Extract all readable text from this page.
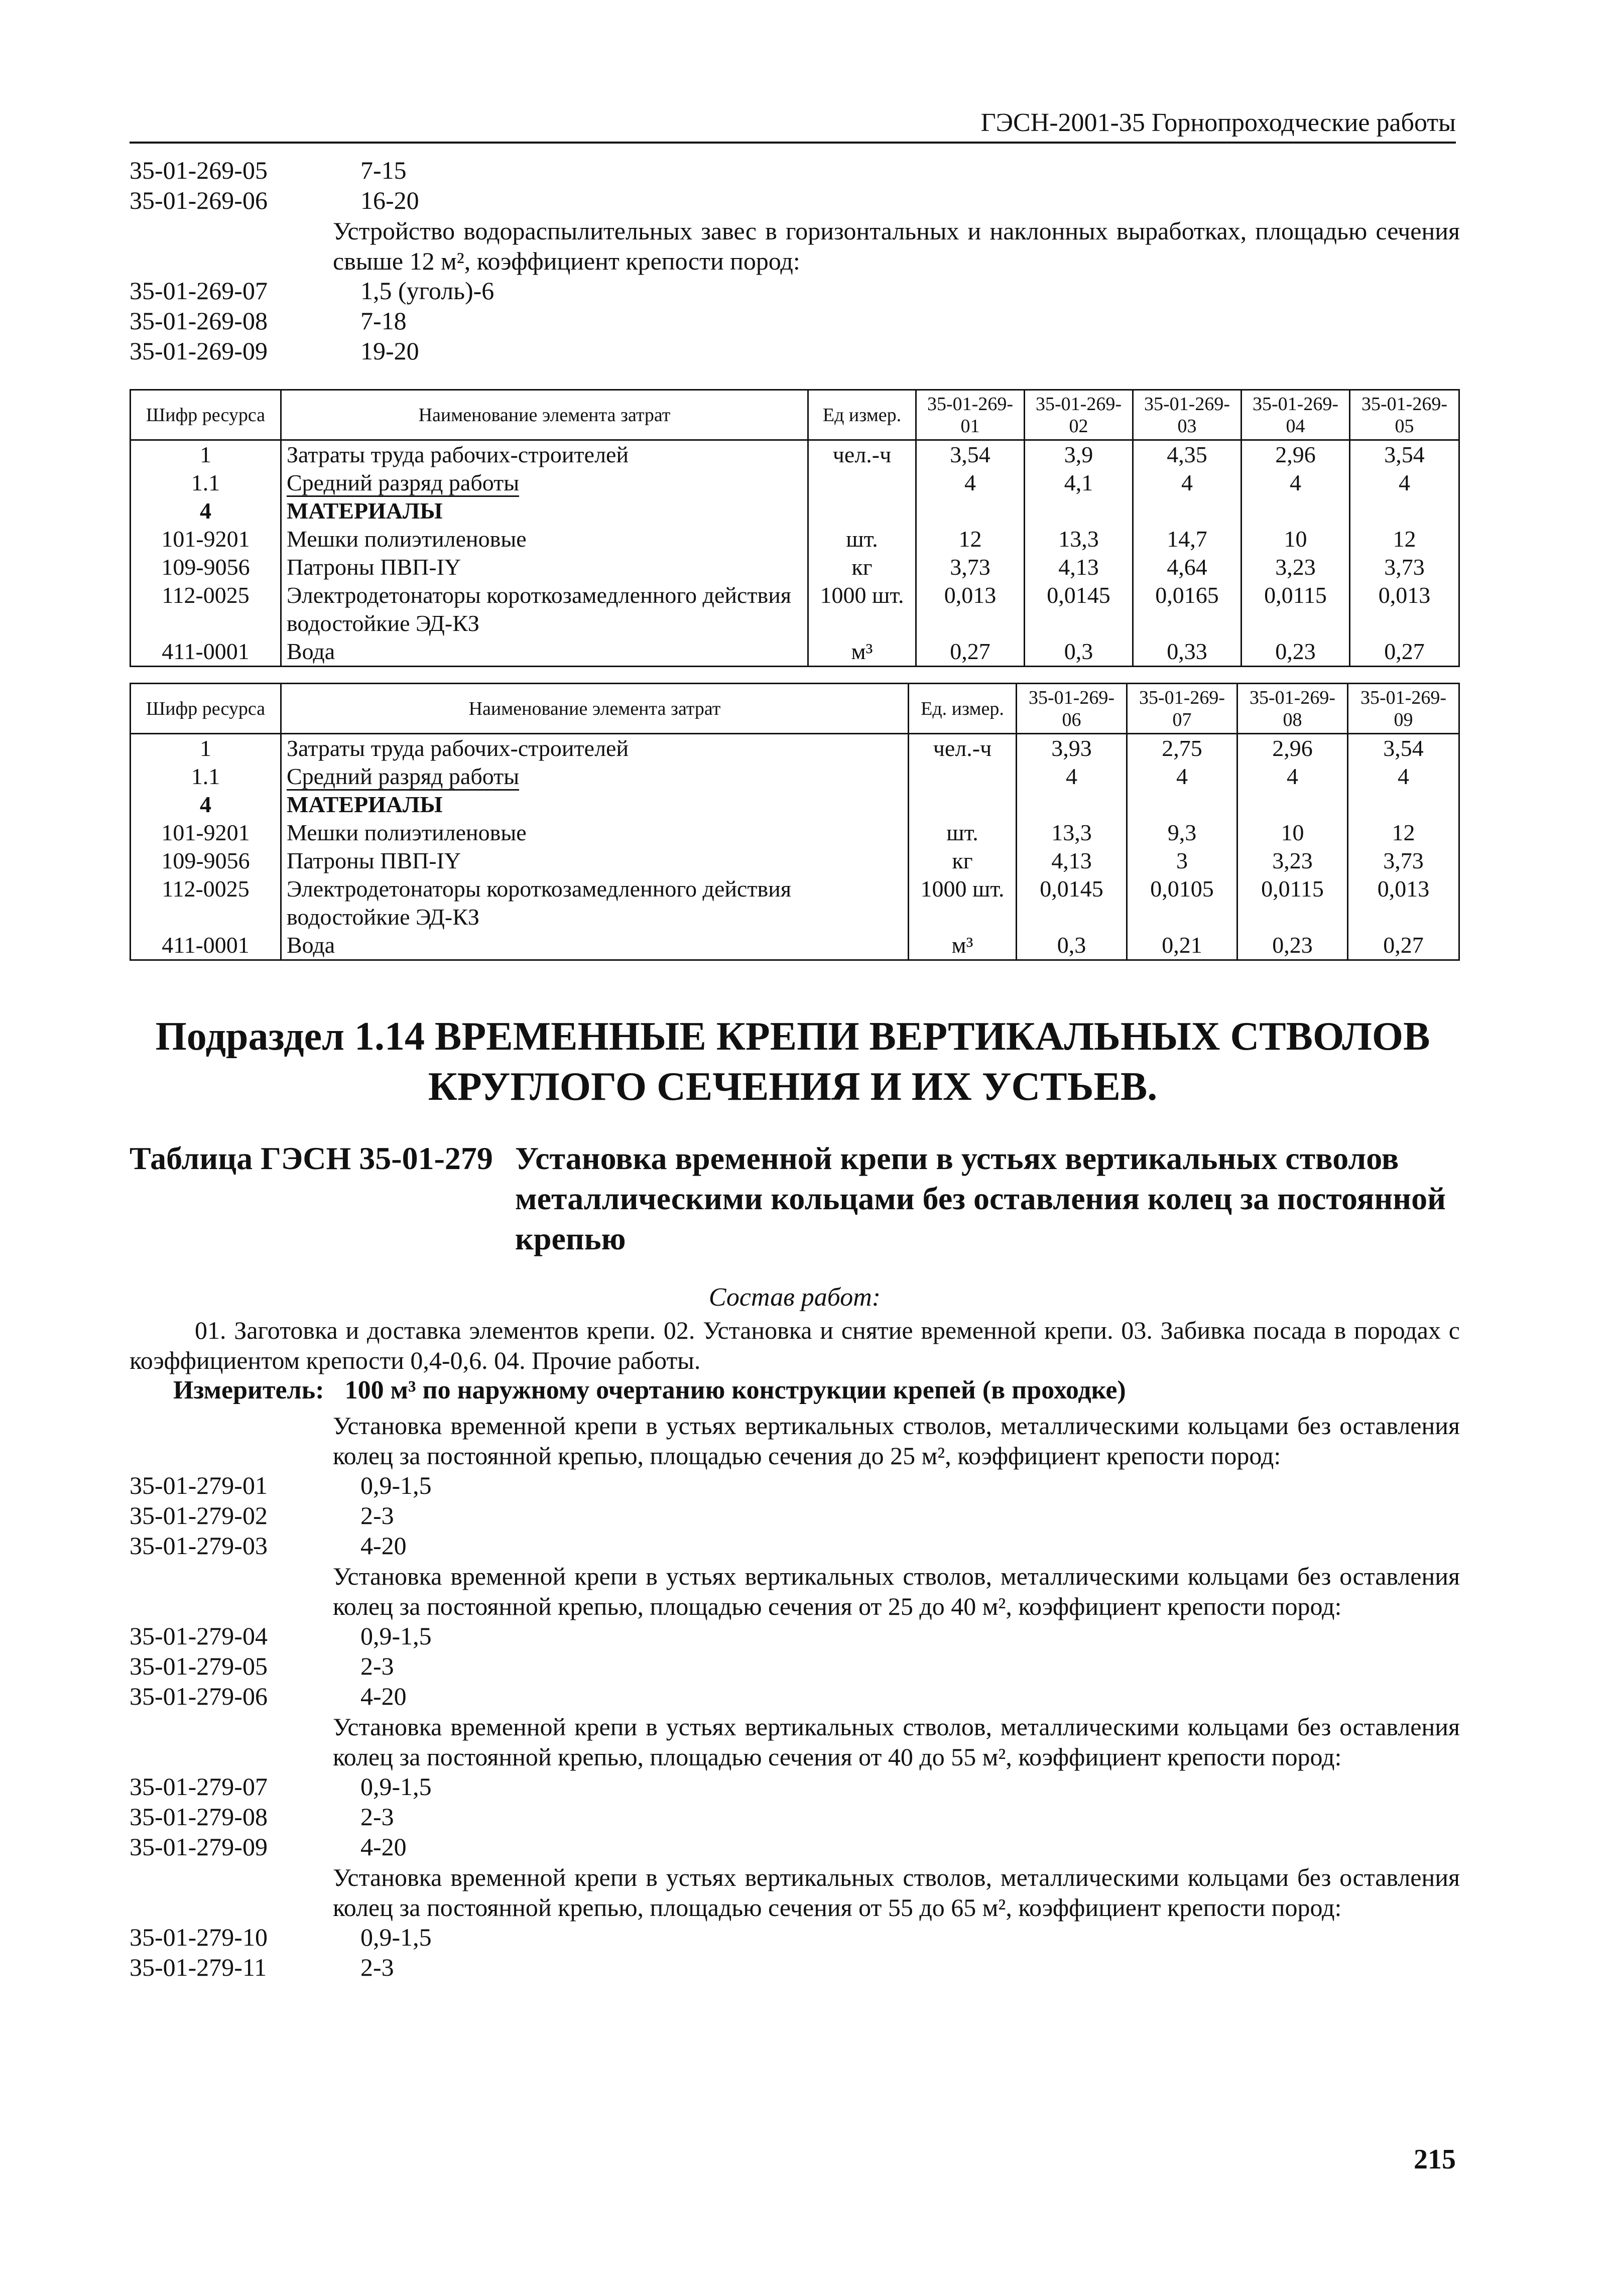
ГЭСН-2001-35 Горнопроходческие работы
35-01-269-05	7-15
35-01-269-06	16-20
Устройство водораспылительных завес в горизонтальных и наклонных выработках, площадью сечения свыше 12 м², коэффициент крепости пород:
35-01-269-07	1,5 (уголь)-6
35-01-269-08	7-18
35-01-269-09	19-20
Шифр ресурса	Наименование элемента затрат	Ед измер.	35-01-269-01	35-01-269-02	35-01-269-03	35-01-269-04	35-01-269-05
1	Затраты труда рабочих-строителей	чел.-ч	3,54	3,9	4,35	2,96	3,54
1.1	Средний разряд работы		4	4,1	4	4	4
4	МАТЕРИАЛЫ						
101-9201	Мешки полиэтиленовые	шт.	12	13,3	14,7	10	12
109-9056	Патроны ПВП-IY	кг	3,73	4,13	4,64	3,23	3,73
112-0025	Электродетонаторы короткозамедленного действия водостойкие ЭД-КЗ	1000 шт.	0,013	0,0145	0,0165	0,0115	0,013
411-0001	Вода	м³	0,27	0,3	0,33	0,23	0,27
Шифр ресурса	Наименование элемента затрат	Ед. измер.	35-01-269-06	35-01-269-07	35-01-269-08	35-01-269-09
1	Затраты труда рабочих-строителей	чел.-ч	3,93	2,75	2,96	3,54
1.1	Средний разряд работы		4	4	4	4
4	МАТЕРИАЛЫ					
101-9201	Мешки полиэтиленовые	шт.	13,3	9,3	10	12
109-9056	Патроны ПВП-IY	кг	4,13	3	3,23	3,73
112-0025	Электродетонаторы короткозамедленного действия водостойкие ЭД-КЗ	1000 шт.	0,0145	0,0105	0,0115	0,013
411-0001	Вода	м³	0,3	0,21	0,23	0,27
Подраздел 1.14 ВРЕМЕННЫЕ КРЕПИ ВЕРТИКАЛЬНЫХ СТВОЛОВ
КРУГЛОГО СЕЧЕНИЯ И ИХ УСТЬЕВ.
Таблица ГЭСН 35-01-279 Установка временной крепи в устьях вертикальных стволов металлическими кольцами без оставления колец за постоянной крепью
Состав работ:
01. Заготовка и доставка элементов крепи. 02. Установка и снятие временной крепи. 03. Забивка посада в породах с коэффициентом крепости 0,4-0,6. 04. Прочие работы.
Измеритель: 100 м³ по наружному очертанию конструкции крепей (в проходке)
Установка временной крепи в устьях вертикальных стволов, металлическими кольцами без оставления колец за постоянной крепью, площадью сечения до 25 м², коэффициент крепости пород:
35-01-279-01	0,9-1,5
35-01-279-02	2-3
35-01-279-03	4-20
Установка временной крепи в устьях вертикальных стволов, металлическими кольцами без оставления колец за постоянной крепью, площадью сечения от 25 до 40 м², коэффициент крепости пород:
35-01-279-04	0,9-1,5
35-01-279-05	2-3
35-01-279-06	4-20
Установка временной крепи в устьях вертикальных стволов, металлическими кольцами без оставления колец за постоянной крепью, площадью сечения от 40 до 55 м², коэффициент крепости пород:
35-01-279-07	0,9-1,5
35-01-279-08	2-3
35-01-279-09	4-20
Установка временной крепи в устьях вертикальных стволов, металлическими кольцами без оставления колец за постоянной крепью, площадью сечения от 55 до 65 м², коэффициент крепости пород:
35-01-279-10	0,9-1,5
35-01-279-11	2-3
215
